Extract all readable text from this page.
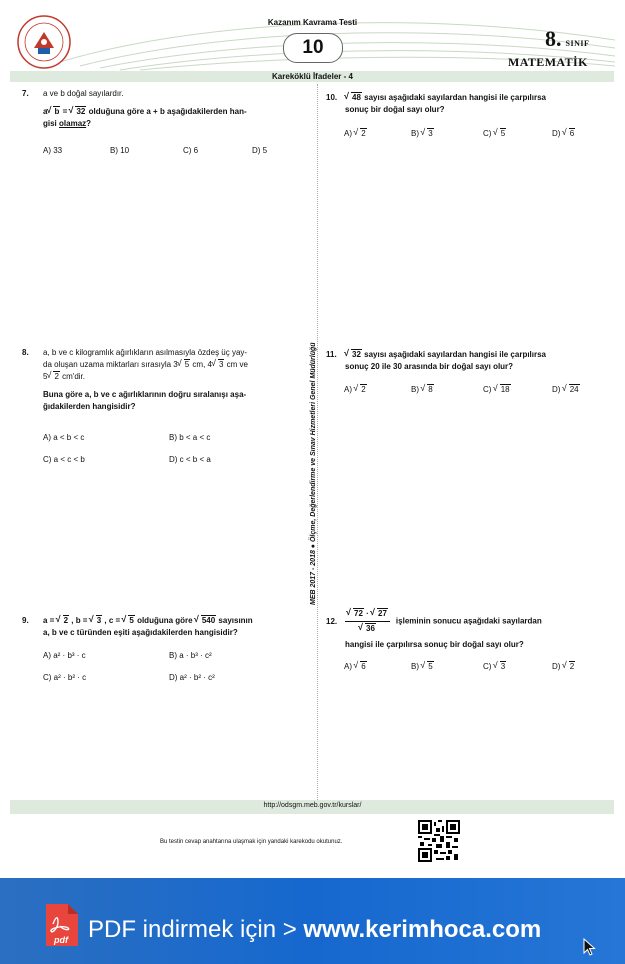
Kazanım Kavrama Testi
10	8. SINIF
MATEMATİK
Kareköklü İfadeler - 4
MEB 2017 - 2018 ● Ölçme, Değerlendirme ve Sınav Hizmetleri Genel Müdürlüğü
7. a ve b doğal sayılardır.
a √ b = √ 32 olduğuna göre a + b aşağıdakilerden han-
gisi olamaz?
A) 33	B) 10	C) 6	D) 5
8. a, b ve c kilogramlık ağırlıkların asılmasıyla özdeş üç yay-
da oluşan uzama miktarları sırasıyla 3 √ 5 cm, 4 √ 3 cm ve
5 √ 2 cm'dir.
Buna göre a, b ve c ağırlıklarının doğru sıralanışı aşa-
ğıdakilerden hangisidir?
A) a < b < c	B) b < a < c
C) a < c < b	D) c < b < a
9. a = √ 2 , b = √ 3 , c = √ 5 olduğuna göre √ 540 sayısının
a, b ve c türünden eşiti aşağıdakilerden hangisidir?
A) a² · b³ · c	B) a · b³ · c²
C) a² · b² · c	D) a² · b² · c²
10.	√ 48 sayısı aşağıdaki sayılardan hangisi ile çarpılırsa
sonuç bir doğal sayı olur?
A) √ 2	B) √ 3	C) √ 5	D) √ 6
11.	√ 32 sayısı aşağıdaki sayılardan hangisi ile çarpılırsa
sonuç 20 ile 30 arasında bir doğal sayı olur?
A) √ 2	B) √ 8	C) √ 18	D) √ 24
12. √ 72 · √ 27
√ 36 işleminin sonucu aşağıdaki sayılardan
hangisi ile çarpılırsa sonuç bir doğal sayı olur?
A) √ 6	B) √ 5	C) √ 3	D) √ 2
http://odsgm.meb.gov.tr/kurslar/
Bu testin cevap anahtarına ulaşmak için yandaki karekodu okutunuz.
pdf PDF indirmek için > www.kerimhoca.com
